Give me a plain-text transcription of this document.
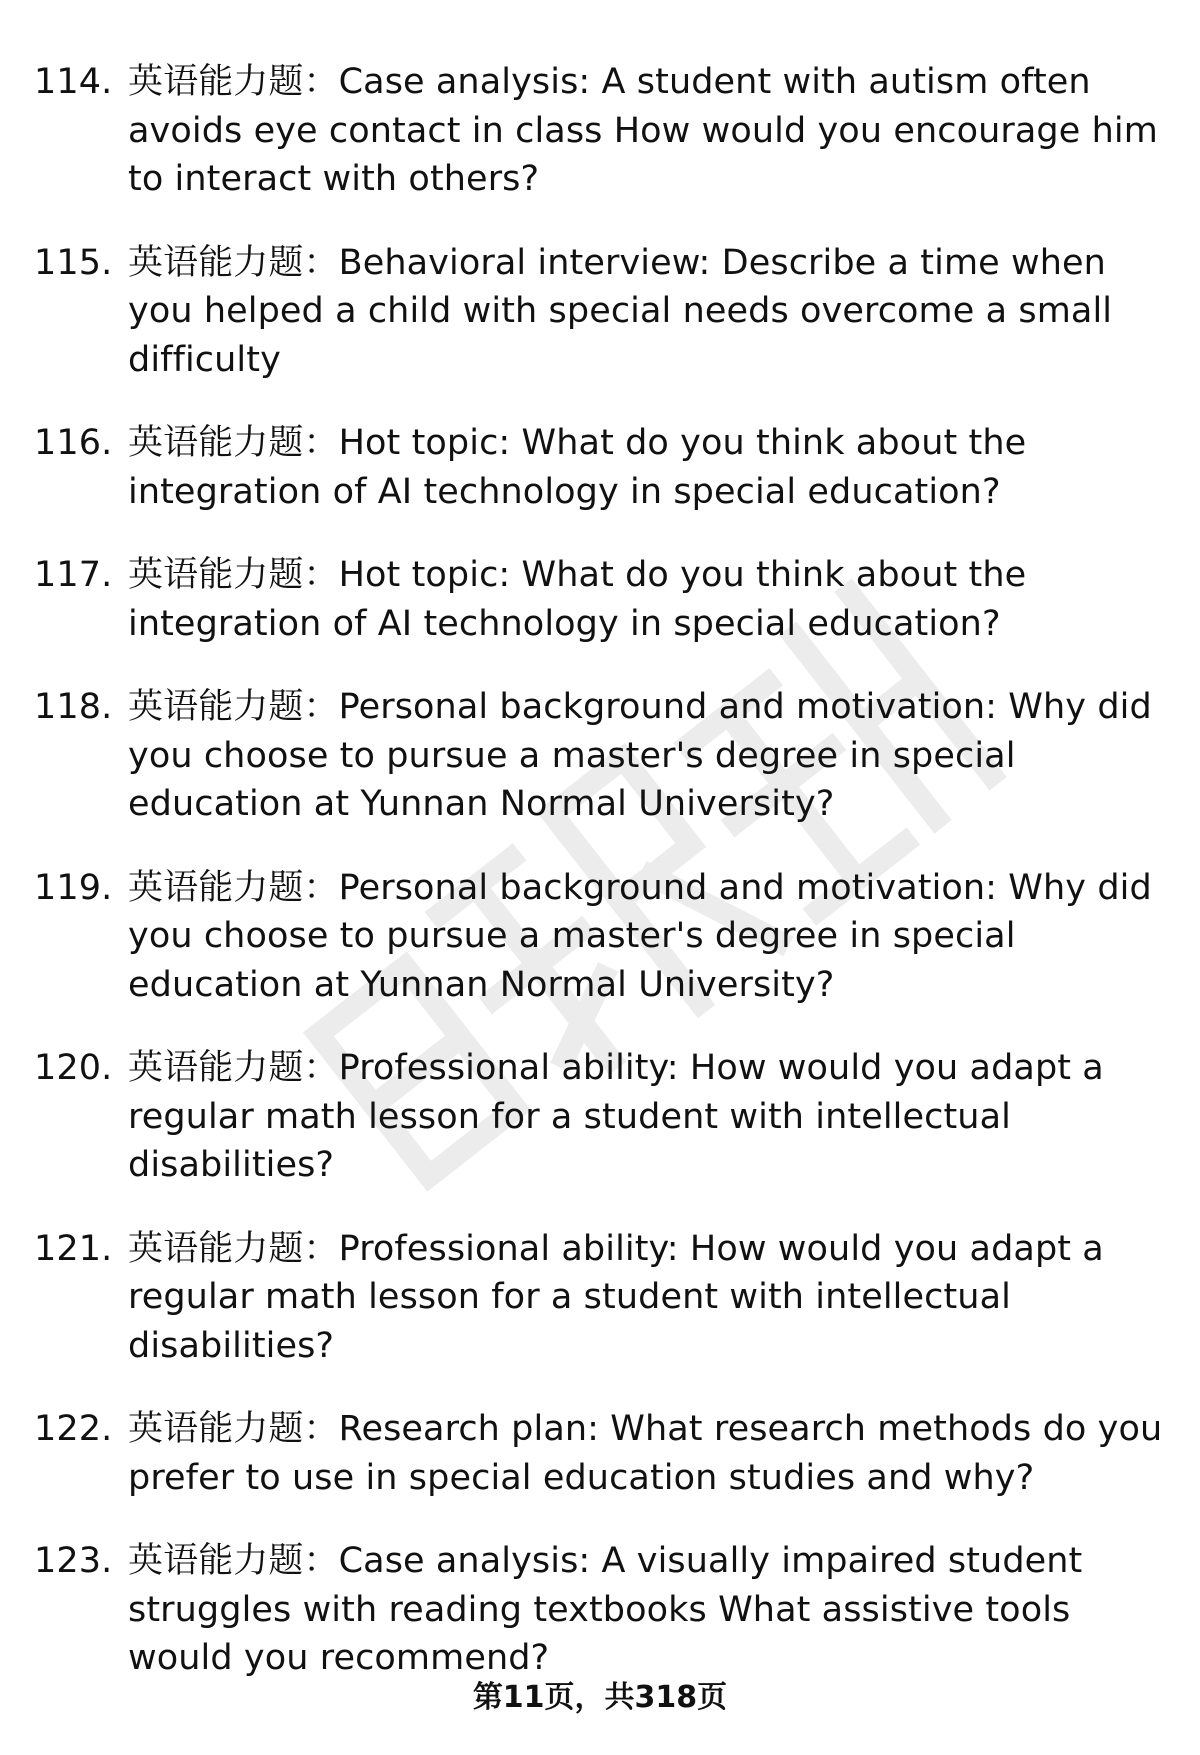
114. 英语能力题：Case analysis: A student with autism often avoids eye contact in class How would you encourage him to interact with others?
115. 英语能力题：Behavioral interview: Describe a time when you helped a child with special needs overcome a small difficulty
116. 英语能力题：Hot topic: What do you think about the integration of AI technology in special education?
117. 英语能力题：Hot topic: What do you think about the integration of AI technology in special education?
118. 英语能力题：Personal background and motivation: Why did you choose to pursue a master's degree in special education at Yunnan Normal University?
119. 英语能力题：Personal background and motivation: Why did you choose to pursue a master's degree in special education at Yunnan Normal University?
120. 英语能力题：Professional ability: How would you adapt a regular math lesson for a student with intellectual disabilities?
121. 英语能力题：Professional ability: How would you adapt a regular math lesson for a student with intellectual disabilities?
122. 英语能力题：Research plan: What research methods do you prefer to use in special education studies and why?
123. 英语能力题：Case analysis: A visually impaired student struggles with reading textbooks What assistive tools would you recommend?
第11页，共318页
